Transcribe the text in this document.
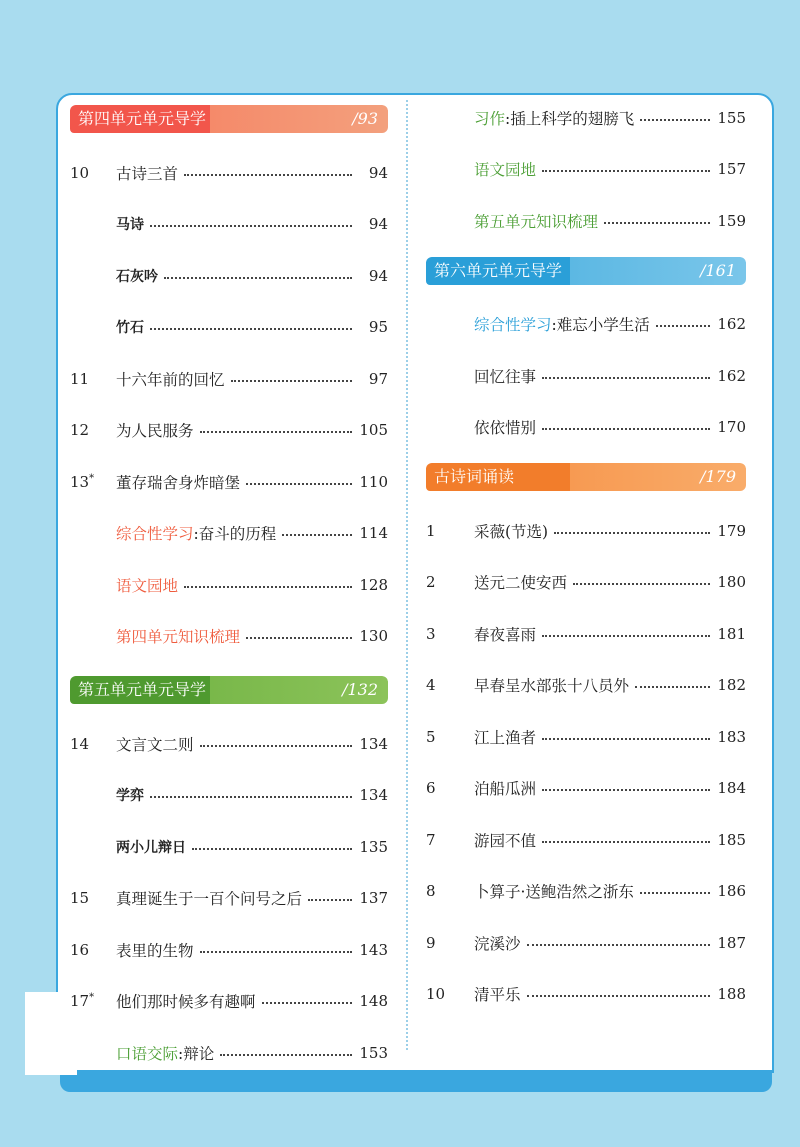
第四单元单元导学	/93
10	古诗三首	94
马诗	94
石灰吟	94
竹石	95
11	十六年前的回忆	97
12	为人民服务	105
13*	董存瑞舍身炸暗堡	110
综合性学习:奋斗的历程	114
语文园地	128
第四单元知识梳理	130
第五单元单元导学	/132
14	文言文二则	134
学弈	134
两小儿辩日	135
15	真理诞生于一百个问号之后	137
16	表里的生物	143
17*	他们那时候多有趣啊	148
口语交际:辩论	153
习作:插上科学的翅膀飞	155
语文园地	157
第五单元知识梳理	159
第六单元单元导学	/161
综合性学习:难忘小学生活	162
回忆往事	162
依依惜别	170
古诗词诵读	/179
1	采薇(节选)	179
2	送元二使安西	180
3	春夜喜雨	181
4	早春呈水部张十八员外	182
5	江上渔者	183
6	泊船瓜洲	184
7	游园不值	185
8	卜算子·送鲍浩然之浙东	186
9	浣溪沙	187
10	清平乐	188
